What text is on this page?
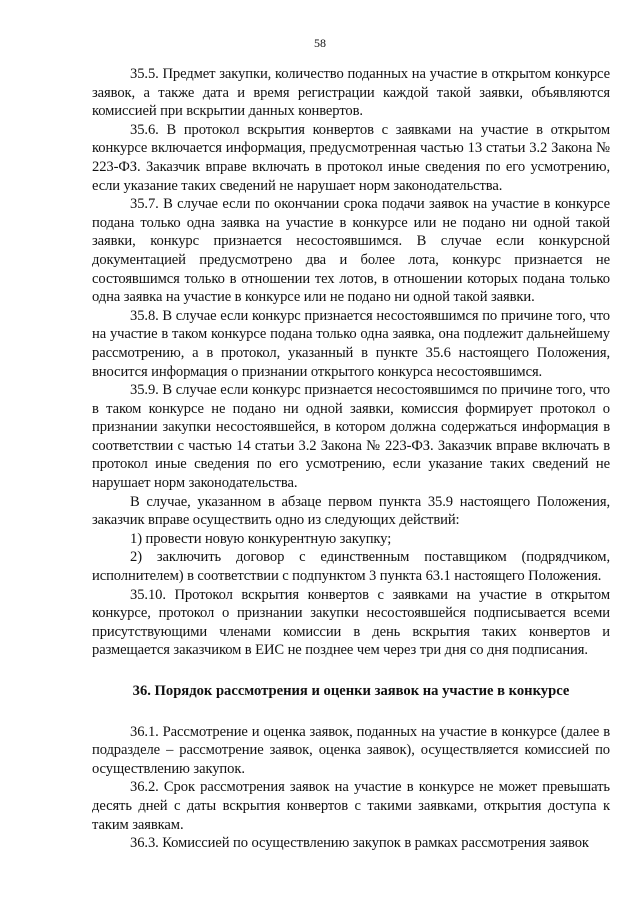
58

35.5. Предмет закупки, количество поданных на участие в открытом конкурсе заявок, а также дата и время регистрации каждой такой заявки, объявляются комиссией при вскрытии данных конвертов.

35.6. В протокол вскрытия конвертов с заявками на участие в открытом конкурсе включается информация, предусмотренная частью 13 статьи 3.2 Закона № 223-ФЗ. Заказчик вправе включать в протокол иные сведения по его усмотрению, если указание таких сведений не нарушает норм законодательства.

35.7. В случае если по окончании срока подачи заявок на участие в конкурсе подана только одна заявка на участие в конкурсе или не подано ни одной такой заявки, конкурс признается несостоявшимся. В случае если конкурсной документацией предусмотрено два и более лота, конкурс признается не состоявшимся только в отношении тех лотов, в отношении которых подана только одна заявка на участие в конкурсе или не подано ни одной такой заявки.

35.8. В случае если конкурс признается несостоявшимся по причине того, что на участие в таком конкурсе подана только одна заявка, она подлежит дальнейшему рассмотрению, а в протокол, указанный в пункте 35.6 настоящего Положения, вносится информация о признании открытого конкурса несостоявшимся.

35.9. В случае если конкурс признается несостоявшимся по причине того, что в таком конкурсе не подано ни одной заявки, комиссия формирует протокол о признании закупки несостоявшейся, в котором должна содержаться информация в соответствии с частью 14 статьи 3.2 Закона № 223-ФЗ. Заказчик вправе включать в протокол иные сведения по его усмотрению, если указание таких сведений не нарушает норм законодательства.

В случае, указанном в абзаце первом пункта 35.9 настоящего Положения, заказчик вправе осуществить одно из следующих действий:

1) провести новую конкурентную закупку;

2) заключить договор с единственным поставщиком (подрядчиком, исполнителем) в соответствии с подпунктом 3 пункта 63.1 настоящего Положения.

35.10. Протокол вскрытия конвертов с заявками на участие в открытом конкурсе, протокол о признании закупки несостоявшейся подписывается всеми присутствующими членами комиссии в день вскрытия таких конвертов и размещается заказчиком в ЕИС не позднее чем через три дня со дня подписания.

36. Порядок рассмотрения и оценки заявок на участие в конкурсе

36.1. Рассмотрение и оценка заявок, поданных на участие в конкурсе (далее в подразделе – рассмотрение заявок, оценка заявок), осуществляется комиссией по осуществлению закупок.

36.2. Срок рассмотрения заявок на участие в конкурсе не может превышать десять дней с даты вскрытия конвертов с такими заявками, открытия доступа к таким заявкам.

36.3. Комиссией по осуществлению закупок в рамках рассмотрения заявок
